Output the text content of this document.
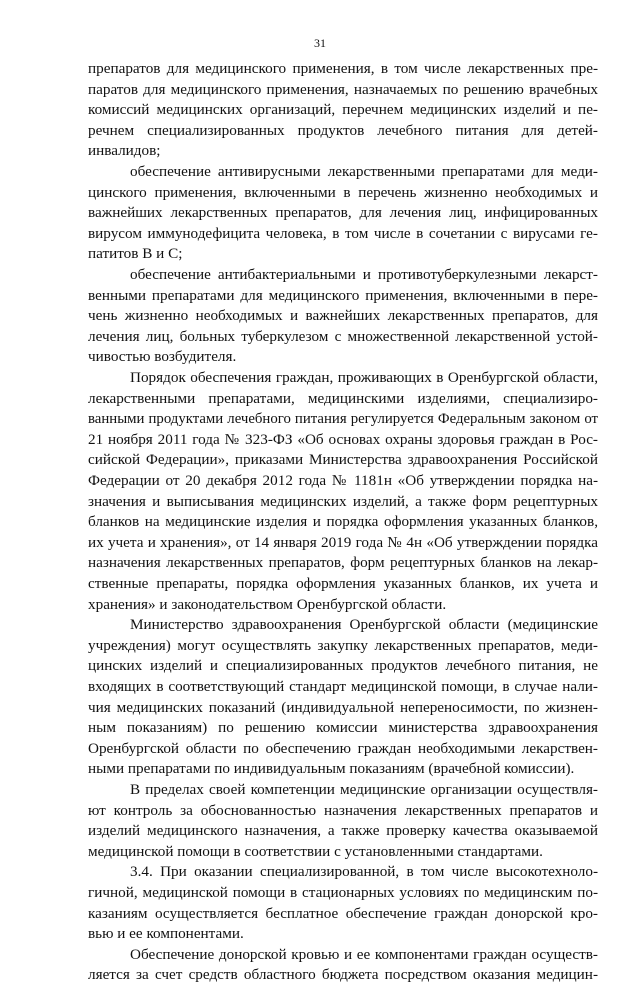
31
препаратов для медицинского применения, в том числе лекарственных пре-
паратов для медицинского применения, назначаемых по решению врачебных
комиссий медицинских организаций, перечнем медицинских изделий и пе-
речнем специализированных продуктов лечебного питания для детей-
инвалидов;
обеспечение антивирусными лекарственными препаратами для меди-
цинского применения, включенными в перечень жизненно необходимых и
важнейших лекарственных препаратов, для лечения лиц, инфицированных
вирусом иммунодефицита человека, в том числе в сочетании с вирусами ге-
патитов В и С;
обеспечение антибактериальными и противотуберкулезными лекарст-
венными препаратами для медицинского применения, включенными в пере-
чень жизненно необходимых и важнейших лекарственных препаратов, для
лечения лиц, больных туберкулезом с множественной лекарственной устой-
чивостью возбудителя.
Порядок обеспечения граждан, проживающих в Оренбургской области,
лекарственными препаратами, медицинскими изделиями, специализиро-
ванными продуктами лечебного питания регулируется Федеральным законом от
21 ноября 2011 года № 323-ФЗ «Об основах охраны здоровья граждан в Рос-
сийской Федерации», приказами Министерства здравоохранения Российской
Федерации от 20 декабря 2012 года № 1181н «Об утверждении порядка на-
значения и выписывания медицинских изделий, а также форм рецептурных
бланков на медицинские изделия и порядка оформления указанных бланков,
их учета и хранения», от 14 января 2019 года № 4н «Об утверждении порядка
назначения лекарственных препаратов, форм рецептурных бланков на лекар-
ственные препараты, порядка оформления указанных бланков, их учета и
хранения» и законодательством Оренбургской области.
Министерство здравоохранения Оренбургской области (медицинские
учреждения) могут осуществлять закупку лекарственных препаратов, меди-
цинских изделий и специализированных продуктов лечебного питания, не
входящих в соответствующий стандарт медицинской помощи, в случае нали-
чия медицинских показаний (индивидуальной непереносимости, по жизнен-
ным показаниям) по решению комиссии министерства здравоохранения
Оренбургской области по обеспечению граждан необходимыми лекарствен-
ными препаратами по индивидуальным показаниям (врачебной комиссии).
В пределах своей компетенции медицинские организации осуществля-
ют контроль за обоснованностью назначения лекарственных препаратов и
изделий медицинского назначения, а также проверку качества оказываемой
медицинской помощи в соответствии с установленными стандартами.
3.4. При оказании специализированной, в том числе высокотехноло-
гичной, медицинской помощи в стационарных условиях по медицинским по-
казаниям осуществляется бесплатное обеспечение граждан донорской кро-
вью и ее компонентами.
Обеспечение донорской кровью и ее компонентами граждан осуществ-
ляется за счет средств областного бюджета посредством оказания медицин-
